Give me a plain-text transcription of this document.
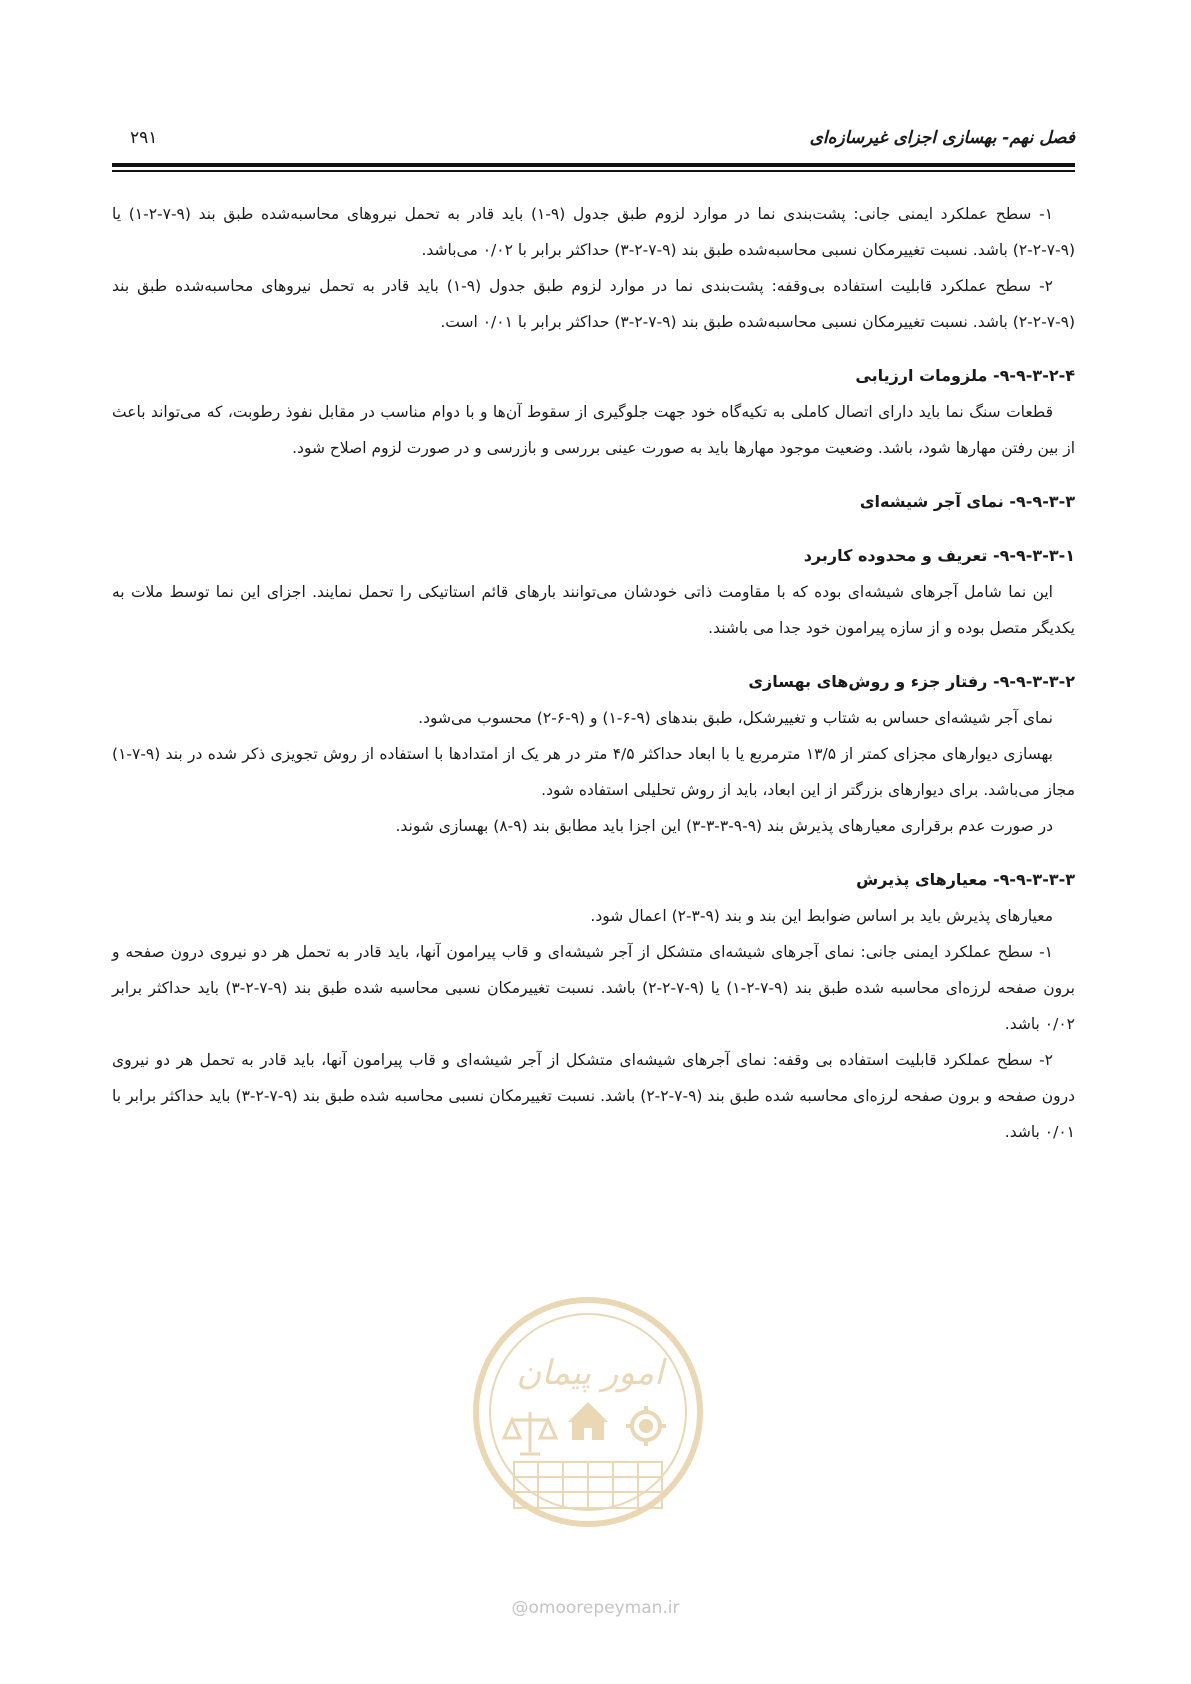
فصل نهم- بهسازی اجزای غیرسازه‌ای
۲۹۱

۱- سطح عملکرد ایمنی جانی: پشت‌بندی نما در موارد لزوم طبق جدول (۹-۱) باید قادر به تحمل نیروهای محاسبه‌شده طبق بند (۹-۷-۲-۱) یا (۹-۷-۲-۲) باشد. نسبت تغییرمکان نسبی محاسبه‌شده طبق بند (۹-۷-۲-۳) حداکثر برابر با ۰/۰۲ می‌باشد.

۲- سطح عملکرد قابلیت استفاده بی‌وقفه: پشت‌بندی نما در موارد لزوم طبق جدول (۹-۱) باید قادر به تحمل نیروهای محاسبه‌شده طبق بند (۹-۷-۲-۲) باشد. نسبت تغییرمکان نسبی محاسبه‌شده طبق بند (۹-۷-۲-۳) حداکثر برابر با ۰/۰۱ است.

۹-۹-۳-۲-۴- ملزومات ارزیابی

قطعات سنگ نما باید دارای اتصال کاملی به تکیه‌گاه خود جهت جلوگیری از سقوط آن‌ها و با دوام مناسب در مقابل نفوذ رطوبت، که می‌تواند باعث از بین رفتن مهارها شود، باشد. وضعیت موجود مهارها باید به صورت عینی بررسی و بازرسی و در صورت لزوم اصلاح شود.

۹-۹-۳-۳- نمای آجر شیشه‌ای
۹-۹-۳-۳-۱- تعریف و محدوده کاربرد

این نما شامل آجرهای شیشه‌ای بوده که با مقاومت ذاتی خودشان می‌توانند بارهای قائم استاتیکی را تحمل نمایند. اجزای این نما توسط ملات به یکدیگر متصل بوده و از سازه پیرامون خود جدا می باشند.

۹-۹-۳-۳-۲- رفتار جزء و روش‌های بهسازی

نمای آجر شیشه‌ای حساس به شتاب و تغییرشکل، طبق بندهای (۹-۶-۱) و (۹-۶-۲) محسوب می‌شود.

بهسازی دیوارهای مجزای کمتر از ۱۳/۵ مترمربع یا با ابعاد حداکثر ۴/۵ متر در هر یک از امتدادها با استفاده از روش تجویزی ذکر شده در بند (۹-۷-۱) مجاز می‌باشد. برای دیوارهای بزرگتر از این ابعاد، باید از روش تحلیلی استفاده شود.

در صورت عدم برقراری معیارهای پذیرش بند (۹-۹-۳-۳-۳) این اجزا باید مطابق بند (۹-۸) بهسازی شوند.

۹-۹-۳-۳-۳- معیارهای پذیرش

معیارهای پذیرش باید بر اساس ضوابط این بند و بند (۹-۳-۲) اعمال شود.

۱- سطح عملکرد ایمنی جانی: نمای آجرهای شیشه‌ای متشکل از آجر شیشه‌ای و قاب پیرامون آنها، باید قادر به تحمل هر دو نیروی درون صفحه و برون صفحه لرزه‌ای محاسبه شده طبق بند (۹-۷-۲-۱) یا (۹-۷-۲-۲) باشد. نسبت تغییرمکان نسبی محاسبه شده طبق بند (۹-۷-۲-۳) باید حداکثر برابر ۰/۰۲ باشد.

۲- سطح عملکرد قابلیت استفاده بی وقفه: نمای آجرهای شیشه‌ای متشکل از آجر شیشه‌ای و قاب پیرامون آنها، باید قادر به تحمل هر دو نیروی درون صفحه و برون صفحه لرزه‌ای محاسبه شده طبق بند (۹-۷-۲-۲) باشد. نسبت تغییرمکان نسبی محاسبه شده طبق بند (۹-۷-۲-۳) باید حداکثر برابر با ۰/۰۱ باشد.

امور پیمان
@omoorepeyman.ir
